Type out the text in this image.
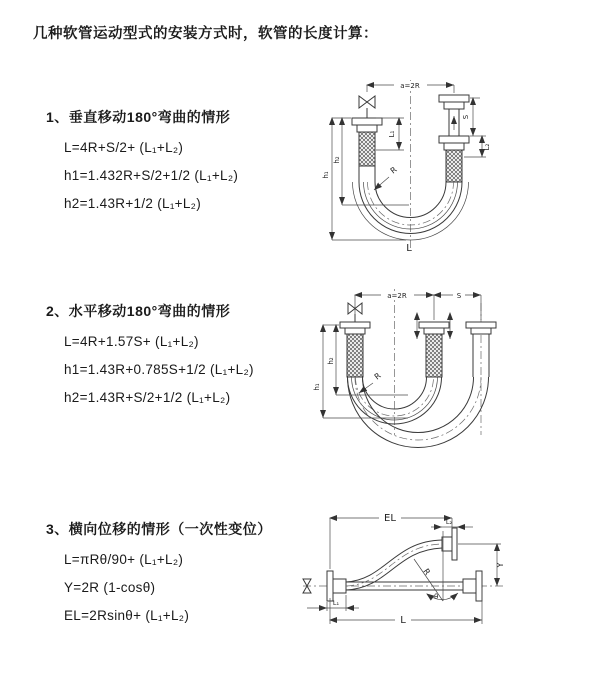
几种软管运动型式的安装方式时，软管的长度计算：
1、垂直移动180°弯曲的情形
L=4R+S/2+ (L₁+L₂)
h1=1.432R+S/2+1/2 (L₁+L₂)
h2=1.43R+1/2 (L₁+L₂)
2、水平移动180°弯曲的情形
L=4R+1.57S+ (L₁+L₂)
h1=1.43R+0.785S+1/2 (L₁+L₂)
h2=1.43R+S/2+1/2 (L₁+L₂)
3、横向位移的情形（一次性变位）
L=πRθ/90+ (L₁+L₂)
Y=2R (1-cosθ)
EL=2Rsinθ+ (L₁+L₂)
a=2R
L₁
R
h₁
h₂
S
L₂
L
a=2R	S
R
h₁
h₂
EL	L₂
Y
θ
R
L₁
L
